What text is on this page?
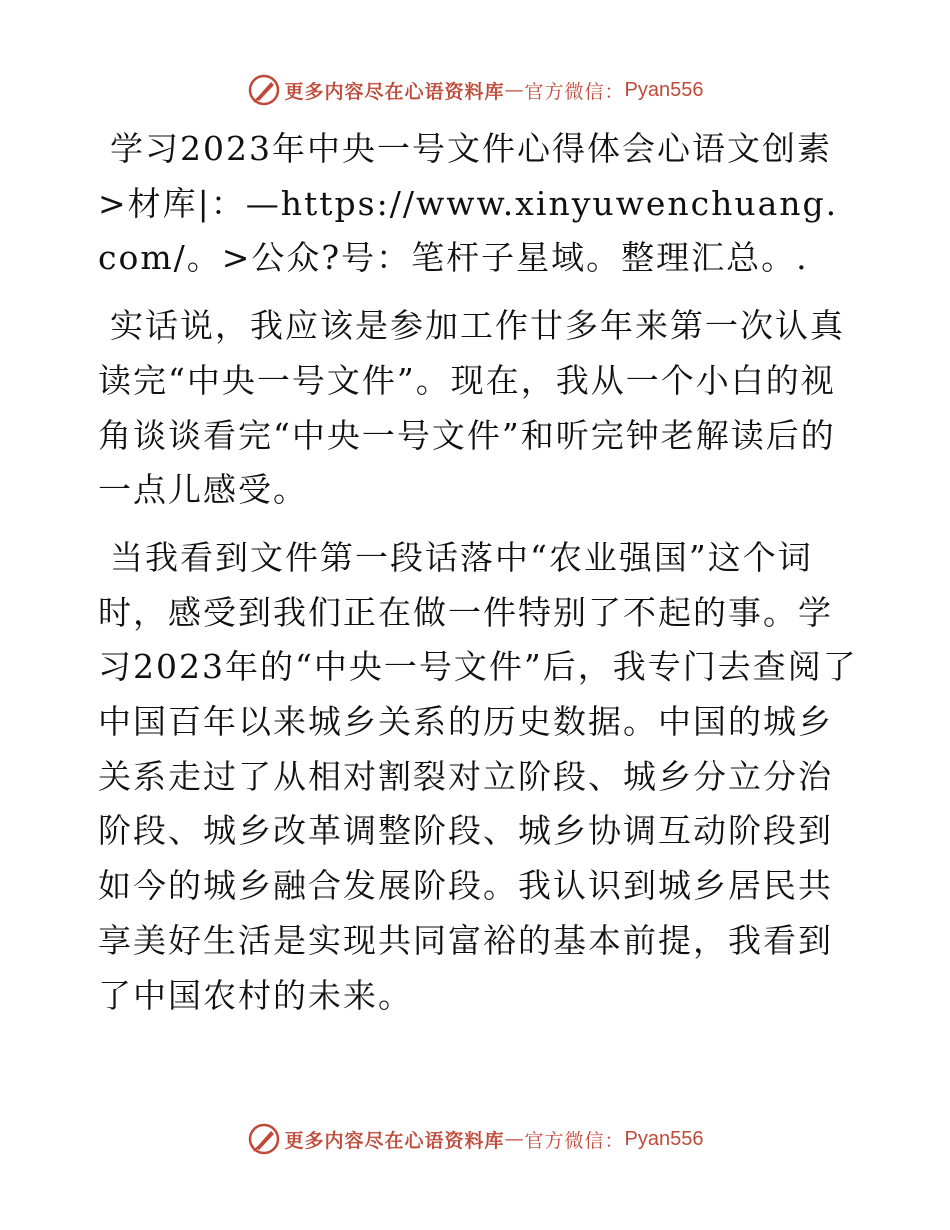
更多内容尽在心语资料库 — 官方微信： Pyan556

学习2023年中央一号文件心得体会心语文创素>材库|：—https://www.xinyuwenchuang.com/。>公众?号：笔杆子星域。整理汇总。.

实话说，我应该是参加工作廿多年来第一次认真读完“中央一号文件”。现在，我从一个小白的视角谈谈看完“中央一号文件”和听完钟老解读后的一点儿感受。

当我看到文件第一段话落中“农业强国”这个词时，感受到我们正在做一件特别了不起的事。学习2023年的“中央一号文件”后，我专门去查阅了中国百年以来城乡关系的历史数据。中国的城乡关系走过了从相对割裂对立阶段、城乡分立分治阶段、城乡改革调整阶段、城乡协调互动阶段到如今的城乡融合发展阶段。我认识到城乡居民共享美好生活是实现共同富裕的基本前提，我看到了中国农村的未来。

更多内容尽在心语资料库 — 官方微信： Pyan556
